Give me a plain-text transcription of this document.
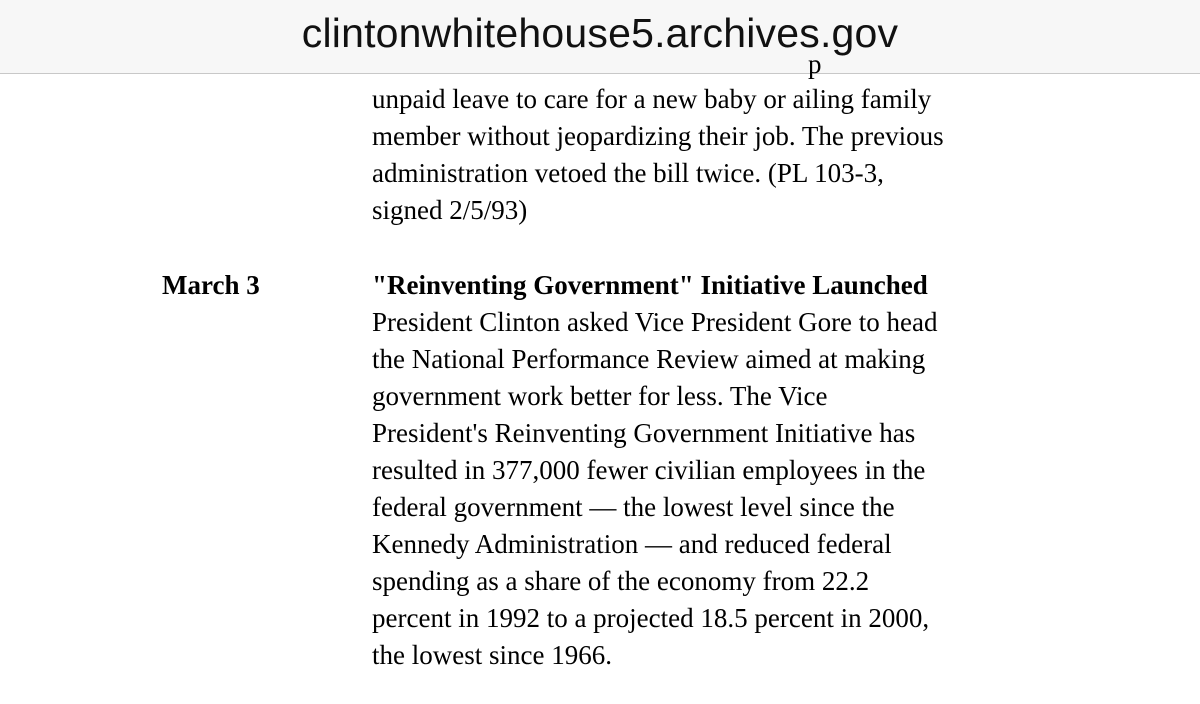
clintonwhitehouse5.archives.gov
p
unpaid leave to care for a new baby or ailing family
member without jeopardizing their job. The previous
administration vetoed the bill twice. (PL 103-3,
signed 2/5/93)
March 3	"Reinventing Government" Initiative Launched
President Clinton asked Vice President Gore to head
the National Performance Review aimed at making
government work better for less. The Vice
President's Reinventing Government Initiative has
resulted in 377,000 fewer civilian employees in the
federal government — the lowest level since the
Kennedy Administration — and reduced federal
spending as a share of the economy from 22.2
percent in 1992 to a projected 18.5 percent in 2000,
the lowest since 1966.
